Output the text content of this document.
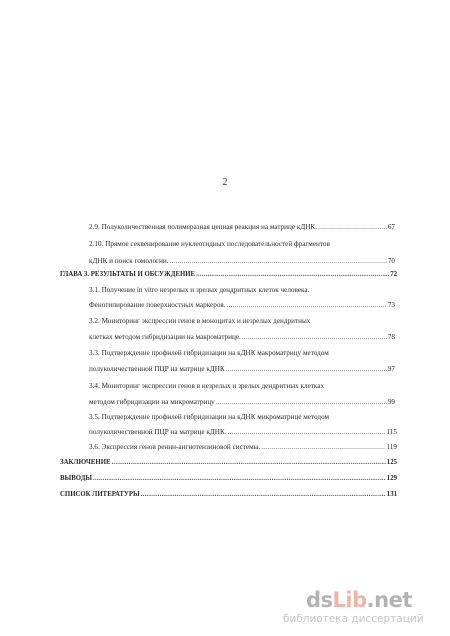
2
2.9. Полуколичественная полимеразная цепная реакция на матрице кДНК. .....	67
2.10. Прямое секвенирование нуклеотидных последовательностей фрагментов
кДНК и поиск гомологии. .....	70
ГЛАВА 3. РЕЗУЛЬТАТЫ И ОБСУЖДЕНИЕ .....	72
3.1. Получение in vitro незрелых и зрелых дендритных клеток человека.
Фенотипирование поверхностных маркеров. .....	73
3.2. Мониторинг экспрессии генов в моноцитах и незрелых дендритных
клетках методом гибридизации на макроматрице. .....	78
3.3. Подтверждение профилей гибридизации на кДНК макроматрицу методом
полуколичественной ПЦР на матрице кДНК .....	97
3.4. Мониторинг экспрессии генов в незрелых и зрелых дендритных клетках
методом гибридизации на микроматрицу .....	99
3.5. Подтверждение профилей гибридизации на кДНК микроматрице методом
полуколичественной ПЦР на матрице кДНК. .....	115
3.6. Экспрессия генов ренин-ангиотензиновой системы. .....	119
ЗАКЛЮЧЕНИЕ .....	125
ВЫВОДЫ .....	129
СПИСОК ЛИТЕРАТУРЫ .....	131
dsLib.net
библиотека диссертаций
